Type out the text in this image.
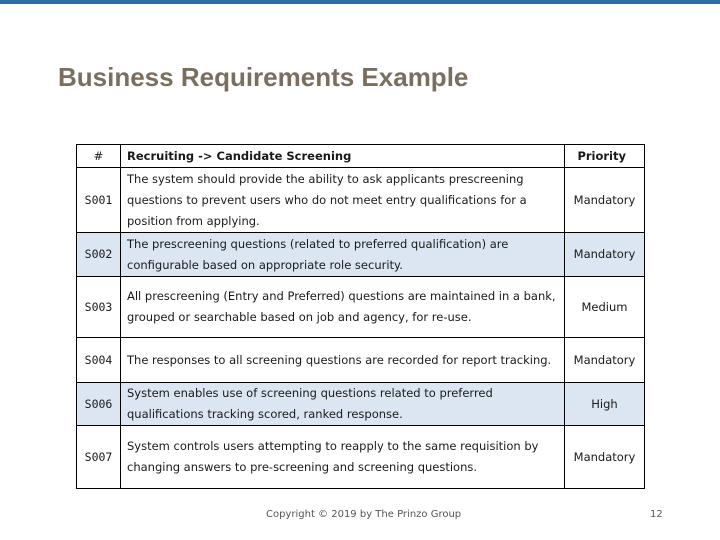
Business Requirements Example
#	Recruiting -> Candidate Screening	Priority
S001	The system should provide the ability to ask applicants prescreening questions to prevent users who do not meet entry qualifications for a position from applying.	Mandatory
S002	The prescreening questions (related to preferred qualification) are configurable based on appropriate role security.	Mandatory
S003	All prescreening (Entry and Preferred) questions are maintained in a bank, grouped or searchable based on job and agency, for re-use.	Medium
S004	The responses to all screening questions are recorded for report tracking.	Mandatory
S006	System enables use of screening questions related to preferred qualifications tracking scored, ranked response.	High
S007	System controls users attempting to reapply to the same requisition by changing answers to pre-screening and screening questions.	Mandatory
Copyright © 2019 by The Prinzo Group	12
